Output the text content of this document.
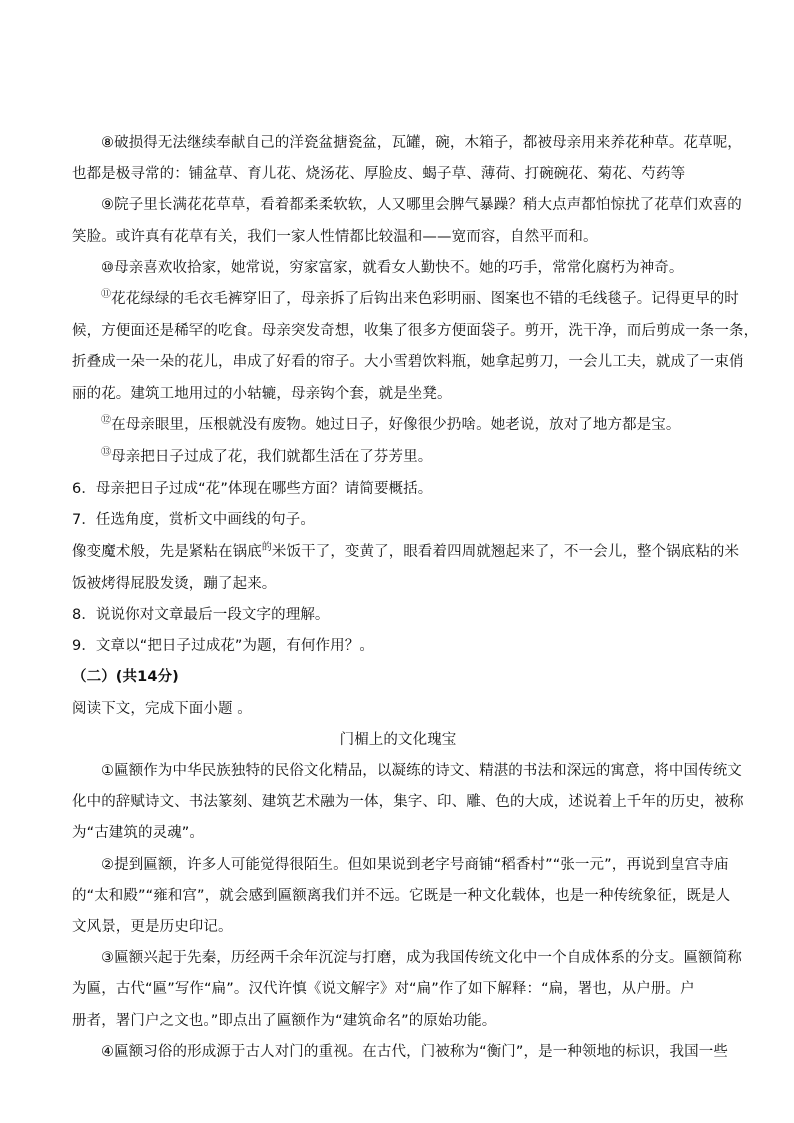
⑧破损得无法继续奉献自己的洋瓷盆搪瓷盆，瓦罐，碗，木箱子，都被母亲用来养花种草。花草呢，
也都是极寻常的：铺盆草、育儿花、烧汤花、厚脸皮、蝎子草、薄荷、打碗碗花、菊花、芍药等
⑨院子里长满花花草草，看着都柔柔软软，人又哪里会脾气暴躁？稍大点声都怕惊扰了花草们欢喜的
笑脸。或许真有花草有关，我们一家人性情都比较温和——宽而容，自然平而和。
⑩母亲喜欢收拾家，她常说，穷家富家，就看女人勤快不。她的巧手，常常化腐朽为神奇。
⑪花花绿绿的毛衣毛裤穿旧了，母亲拆了后钩出来色彩明丽、图案也不错的毛线毯子。记得更早的时
候，方便面还是稀罕的吃食。母亲突发奇想，收集了很多方便面袋子。剪开，洗干净，而后剪成一条一条，
折叠成一朵一朵的花儿，串成了好看的帘子。大小雪碧饮料瓶，她拿起剪刀，一会儿工夫，就成了一束俏
丽的花。建筑工地用过的小轱辘，母亲钩个套，就是坐凳。
⑫在母亲眼里，压根就没有废物。她过日子，好像很少扔啥。她老说，放对了地方都是宝。
⑬母亲把日子过成了花，我们就都生活在了芬芳里。
6．母亲把日子过成“花”体现在哪些方面？请简要概括。
7．任选角度，赏析文中画线的句子。
像变魔术般，先是紧粘在锅底$^的$米饭干了，变黄了，眼看着四周就翘起来了，不一会儿，整个锅底粘的米
饭被烤得屁股发烫，蹦了起来。
8．说说你对文章最后一段文字的理解。
9．文章以“把日子过成花”为题，有何作用？。
（二）(共14分)
阅读下文，完成下面小题 。
门楣上的文化瑰宝
①匾额作为中华民族独特的民俗文化精品，以凝练的诗文、精湛的书法和深远的寓意，将中国传统文
化中的辞赋诗文、书法篆刻、建筑艺术融为一体，集字、印、雕、色的大成，述说着上千年的历史，被称
为“古建筑的灵魂”。
②提到匾额，许多人可能觉得很陌生。但如果说到老字号商铺“稻香村”“张一元”，再说到皇宫寺庙
的“太和殿”“雍和宫”，就会感到匾额离我们并不远。它既是一种文化载体，也是一种传统象征，既是人
文风景，更是历史印记。
③匾额兴起于先秦，历经两千余年沉淀与打磨，成为我国传统文化中一个自成体系的分支。匾额简称
为匾，古代“匾”写作“扁”。汉代许慎《说文解字》对“扁”作了如下解释：“扁，署也，从户册。户
册者，署门户之文也。”即点出了匾额作为“建筑命名”的原始功能。
④匾额习俗的形成源于古人对门的重视。在古代，门被称为“衡门”，是一种领地的标识，我国一些
